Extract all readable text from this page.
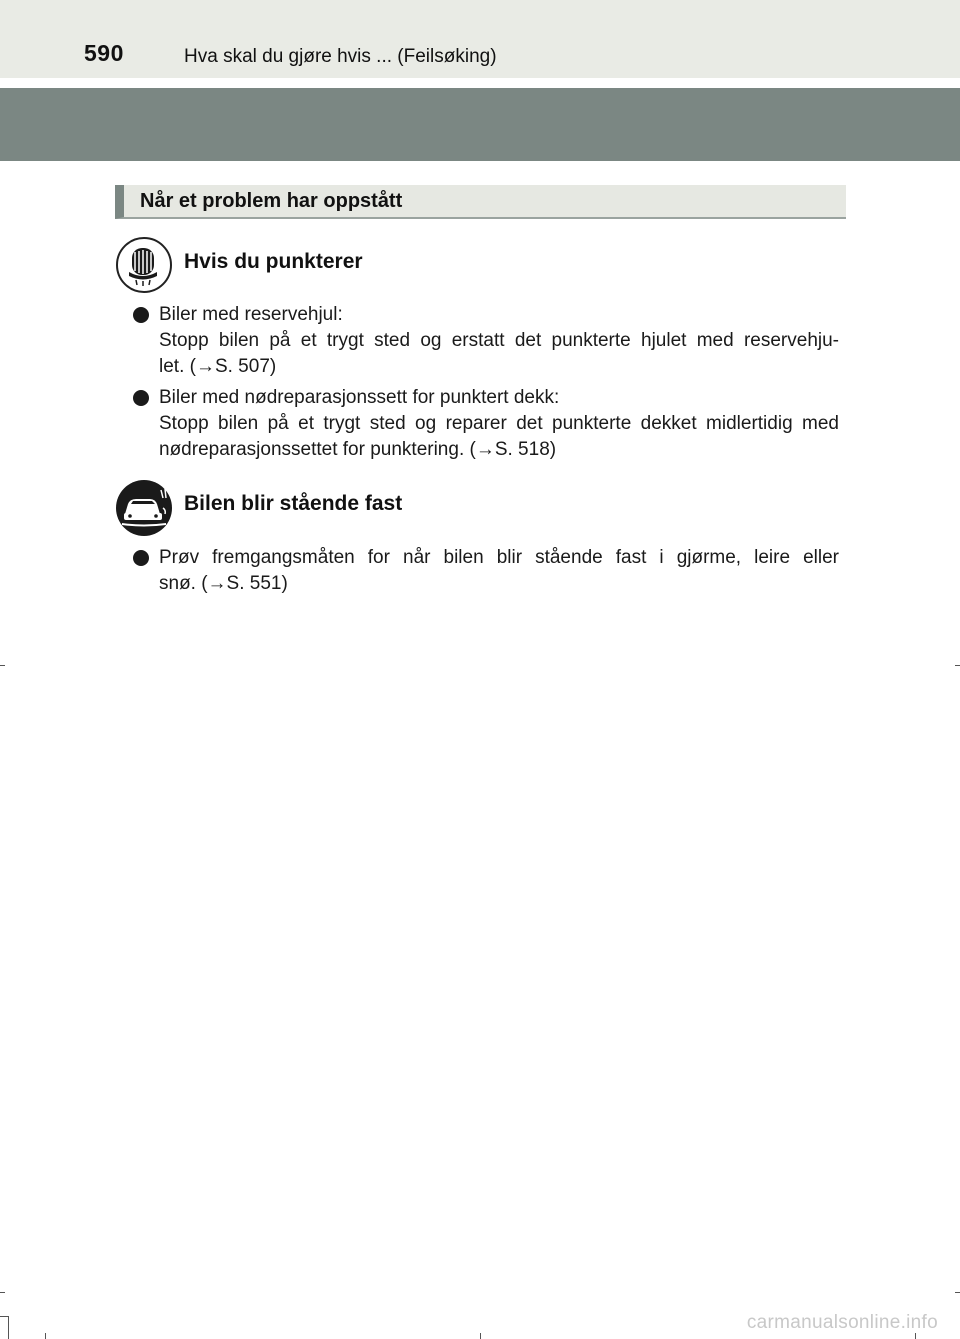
590	Hva skal du gjøre hvis ... (Feilsøking)
Når et problem har oppstått
Hvis du punkterer
Biler med reservehjul:
Stopp bilen på et trygt sted og erstatt det punkterte hjulet med reservehju-
let. (→S. 507)
Biler med nødreparasjonssett for punktert dekk:
Stopp bilen på et trygt sted og reparer det punkterte dekket midlertidig med
nødreparasjonssettet for punktering. (→S. 518)
Bilen blir stående fast
Prøv fremgangsmåten for når bilen blir stående fast i gjørme, leire eller
snø. (→S. 551)
carmanualsonline.info
